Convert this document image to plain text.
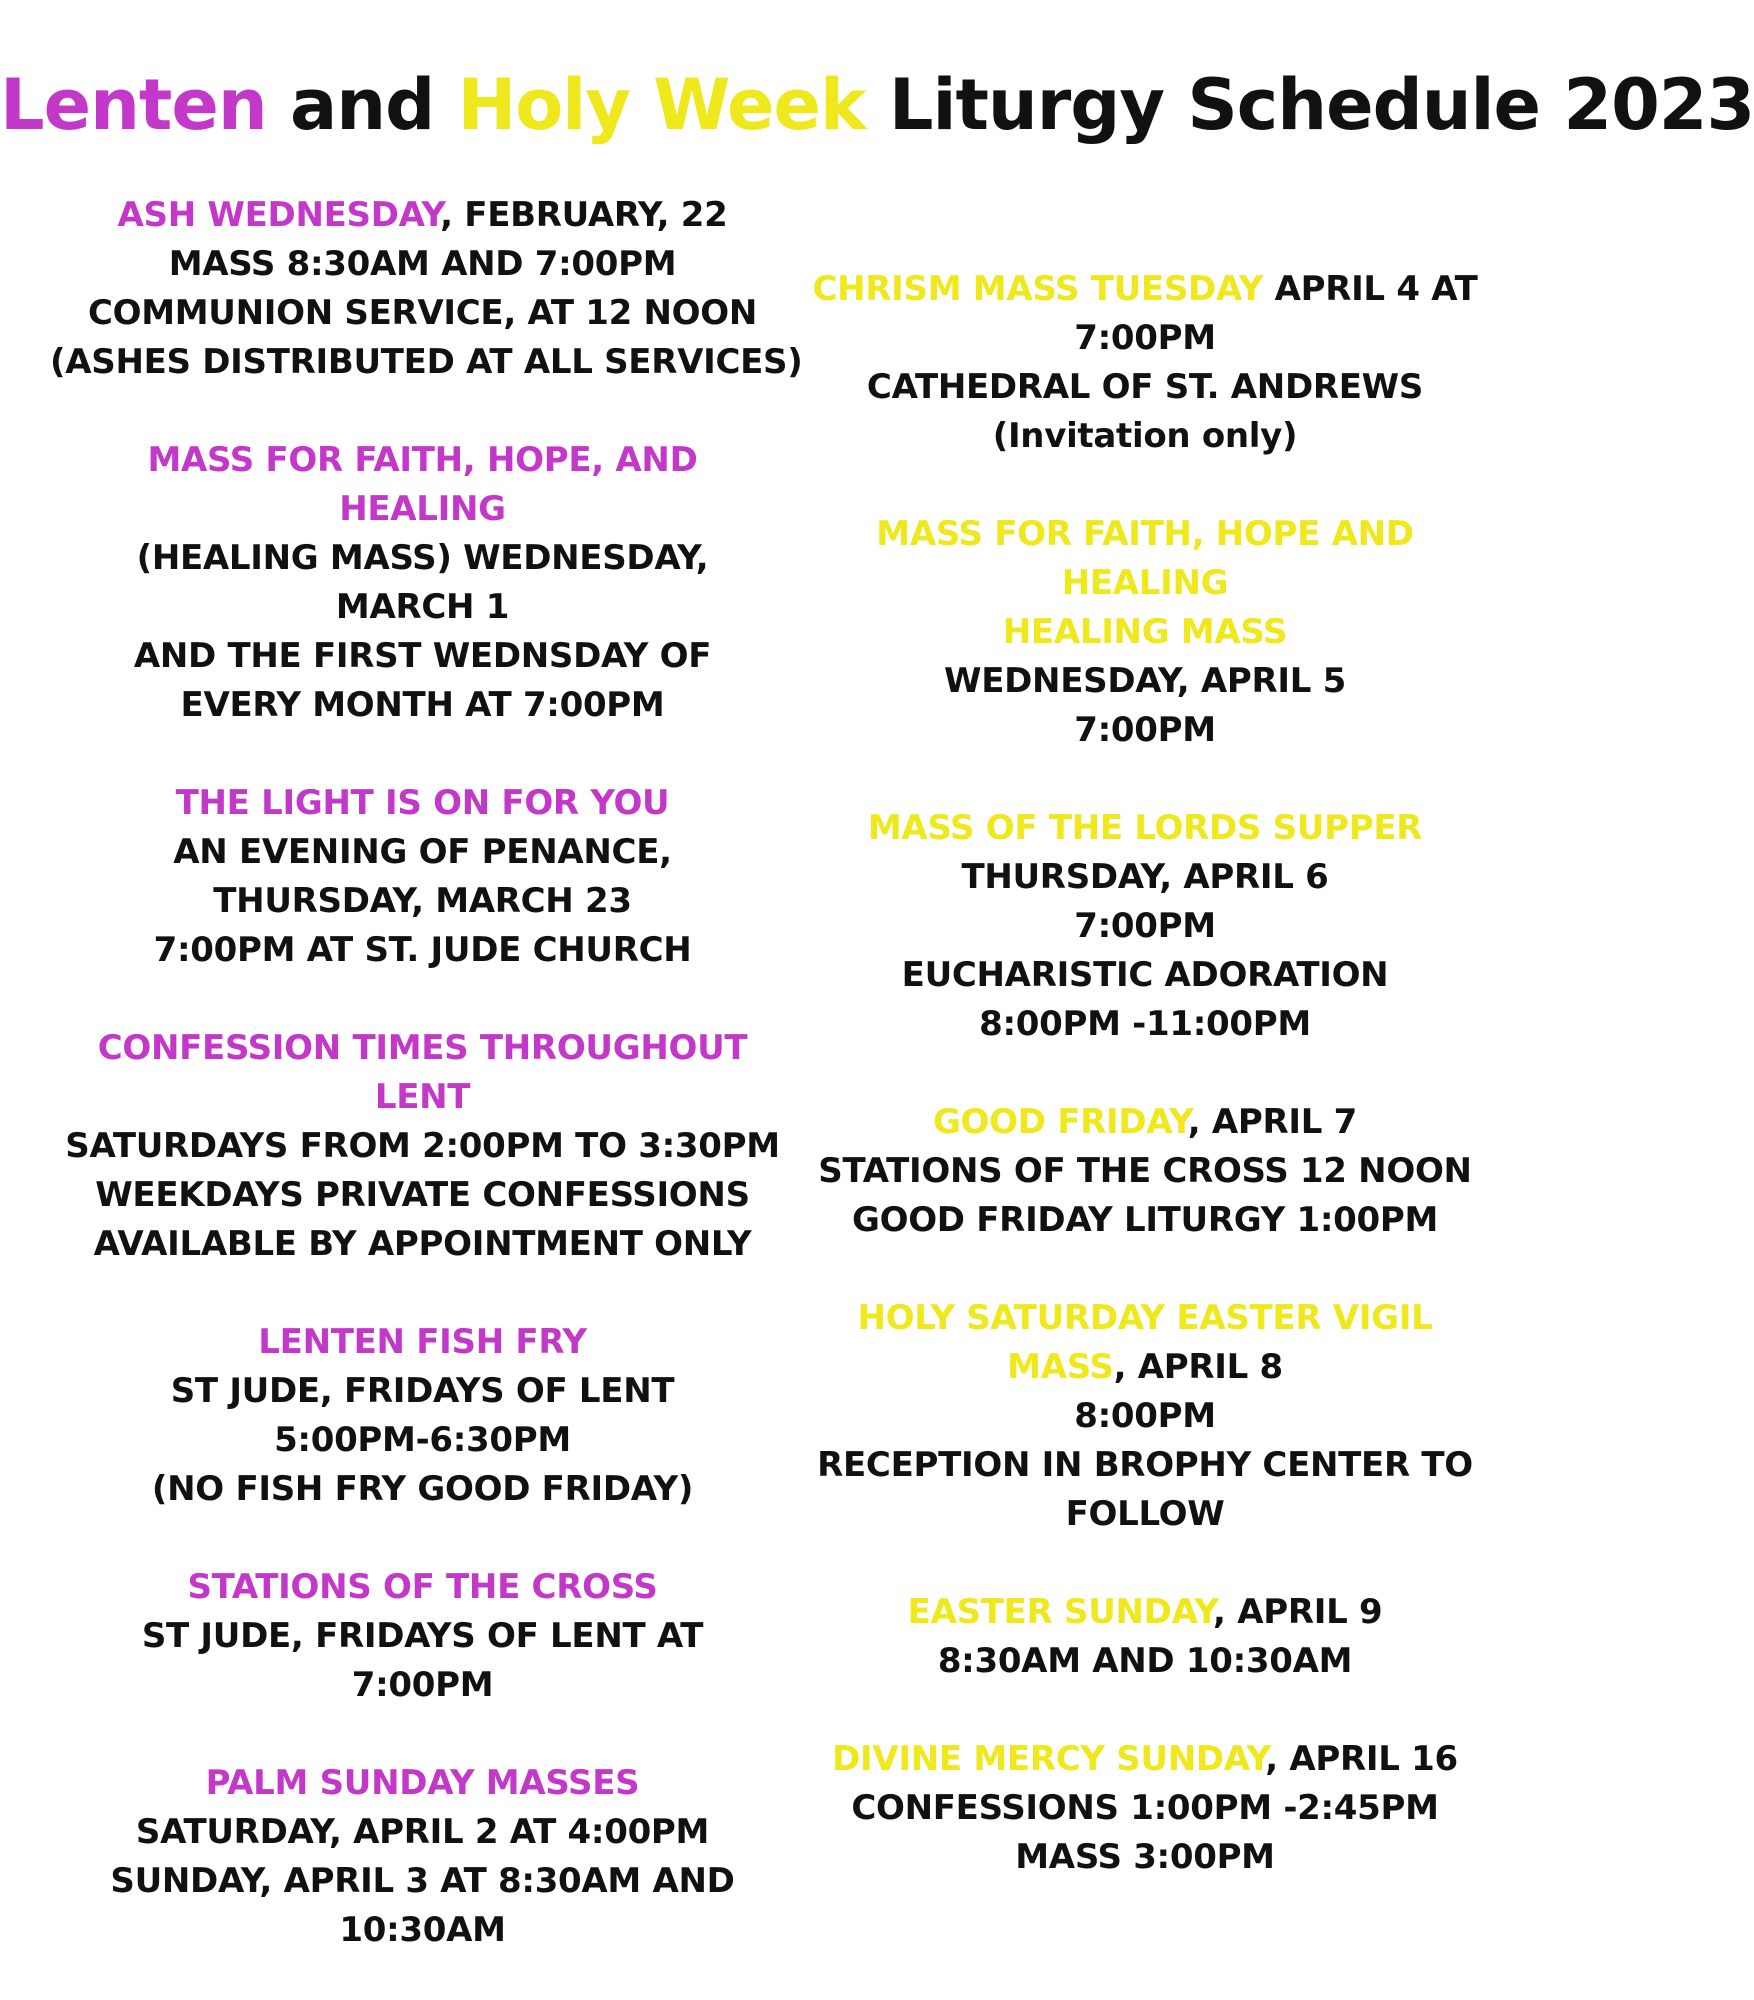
Lenten and Holy Week Liturgy Schedule 2023
ASH WEDNESDAY, FEBRUARY, 22
MASS 8:30AM AND 7:00PM
COMMUNION SERVICE, AT 12 NOON
(ASHES DISTRIBUTED AT ALL SERVICES)
MASS FOR FAITH, HOPE, AND
HEALING
(HEALING MASS) WEDNESDAY,
MARCH 1
AND THE FIRST WEDNSDAY OF
EVERY MONTH AT 7:00PM
THE LIGHT IS ON FOR YOU
AN EVENING OF PENANCE,
THURSDAY, MARCH 23
7:00PM AT ST. JUDE CHURCH
CONFESSION TIMES THROUGHOUT
LENT
SATURDAYS FROM 2:00PM TO 3:30PM
WEEKDAYS PRIVATE CONFESSIONS
AVAILABLE BY APPOINTMENT ONLY
LENTEN FISH FRY
ST JUDE, FRIDAYS OF LENT
5:00PM-6:30PM
(NO FISH FRY GOOD FRIDAY)
STATIONS OF THE CROSS
ST JUDE, FRIDAYS OF LENT AT
7:00PM
PALM SUNDAY MASSES
SATURDAY, APRIL 2 AT 4:00PM
SUNDAY, APRIL 3 AT 8:30AM AND
10:30AM
CHRISM MASS TUESDAY APRIL 4 AT
7:00PM
CATHEDRAL OF ST. ANDREWS
(Invitation only)
MASS FOR FAITH, HOPE AND
HEALING
HEALING MASS
WEDNESDAY, APRIL 5
7:00PM
MASS OF THE LORDS SUPPER
THURSDAY, APRIL 6
7:00PM
EUCHARISTIC ADORATION
8:00PM -11:00PM
GOOD FRIDAY, APRIL 7
STATIONS OF THE CROSS 12 NOON
GOOD FRIDAY LITURGY 1:00PM
HOLY SATURDAY EASTER VIGIL
MASS, APRIL 8
8:00PM
RECEPTION IN BROPHY CENTER TO
FOLLOW
EASTER SUNDAY, APRIL 9
8:30AM AND 10:30AM
DIVINE MERCY SUNDAY, APRIL 16
CONFESSIONS 1:00PM -2:45PM
MASS 3:00PM
